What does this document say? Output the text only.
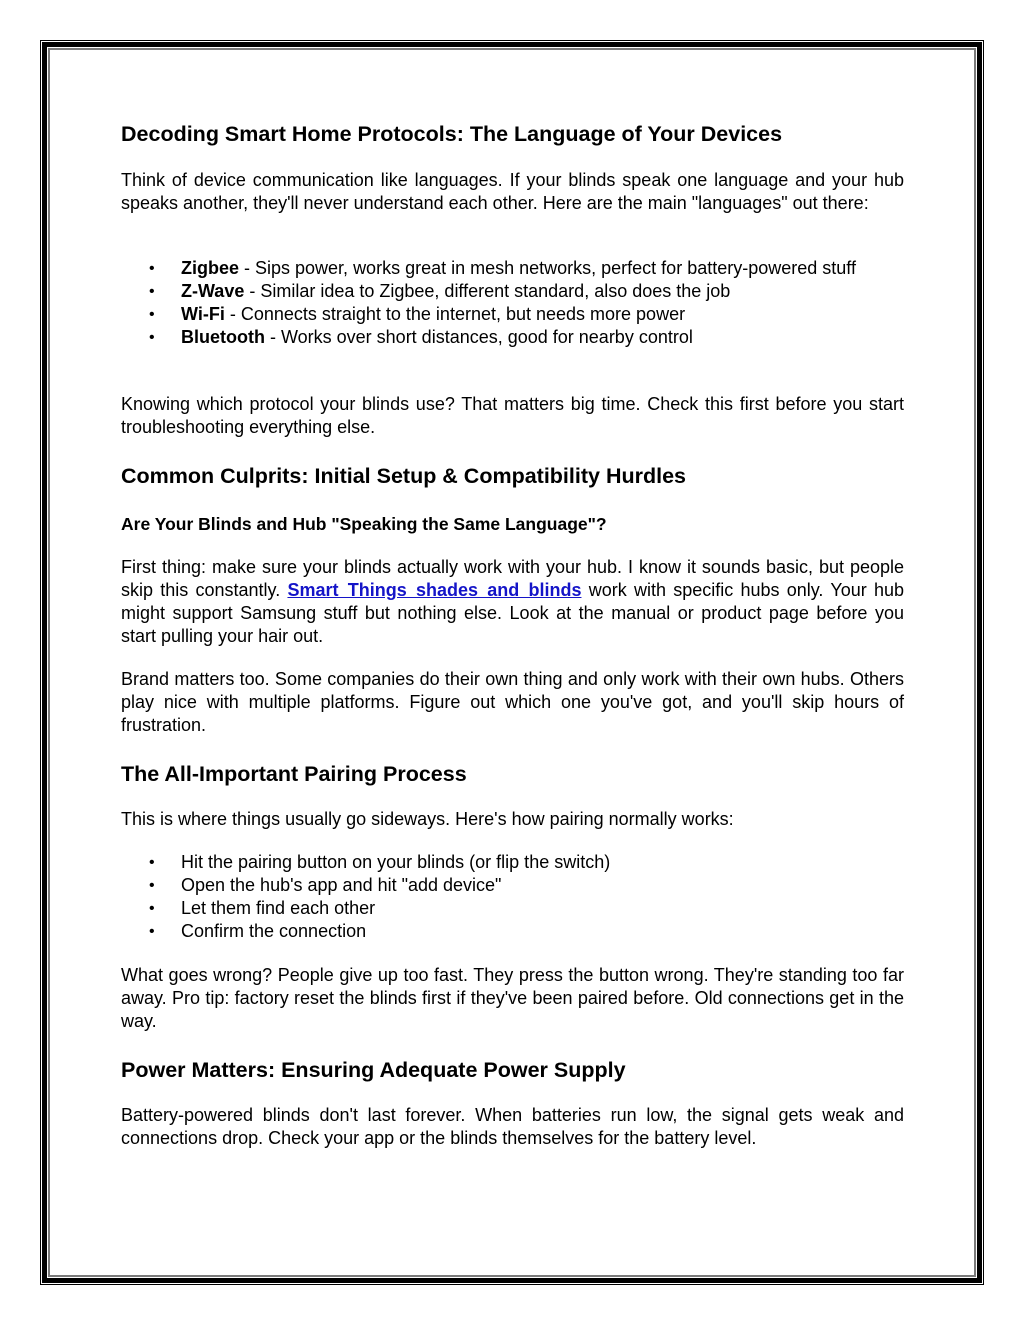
Decoding Smart Home Protocols: The Language of Your Devices

Think of device communication like languages. If your blinds speak one language and your hub speaks another, they'll never understand each other. Here are the main "languages" out there:

• Zigbee - Sips power, works great in mesh networks, perfect for battery-powered stuff
• Z-Wave - Similar idea to Zigbee, different standard, also does the job
• Wi-Fi - Connects straight to the internet, but needs more power
• Bluetooth - Works over short distances, good for nearby control

Knowing which protocol your blinds use? That matters big time. Check this first before you start troubleshooting everything else.

Common Culprits: Initial Setup & Compatibility Hurdles
Are Your Blinds and Hub "Speaking the Same Language"?

First thing: make sure your blinds actually work with your hub. I know it sounds basic, but people skip this constantly. Smart Things shades and blinds work with specific hubs only. Your hub might support Samsung stuff but nothing else. Look at the manual or product page before you start pulling your hair out.

Brand matters too. Some companies do their own thing and only work with their own hubs. Others play nice with multiple platforms. Figure out which one you've got, and you'll skip hours of frustration.

The All-Important Pairing Process

This is where things usually go sideways. Here's how pairing normally works:

• Hit the pairing button on your blinds (or flip the switch)
• Open the hub's app and hit "add device"
• Let them find each other
• Confirm the connection

What goes wrong? People give up too fast. They press the button wrong. They're standing too far away. Pro tip: factory reset the blinds first if they've been paired before. Old connections get in the way.

Power Matters: Ensuring Adequate Power Supply

Battery-powered blinds don't last forever. When batteries run low, the signal gets weak and connections drop. Check your app or the blinds themselves for the battery level.
